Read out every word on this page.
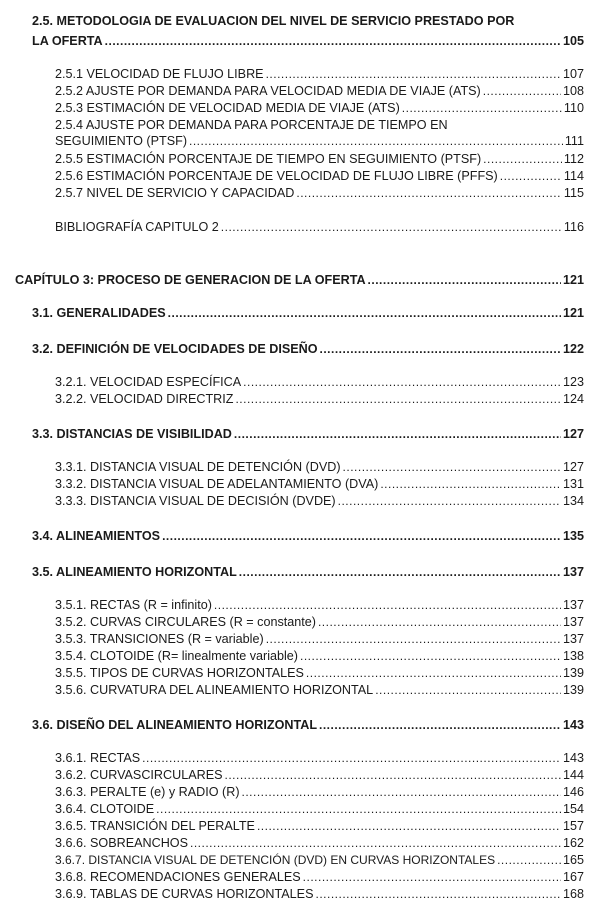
2.5. METODOLOGIA DE EVALUACION DEL NIVEL DE SERVICIO PRESTADO POR
LA OFERTA .....	105
2.5.1 VELOCIDAD DE FLUJO LIBRE .....	107
2.5.2 AJUSTE POR DEMANDA PARA VELOCIDAD MEDIA DE VIAJE (ATS) .....	108
2.5.3 ESTIMACIÓN DE VELOCIDAD MEDIA DE VIAJE (ATS) .....	110
2.5.4 AJUSTE POR DEMANDA PARA PORCENTAJE DE TIEMPO EN
SEGUIMIENTO (PTSF) .....	111
2.5.5 ESTIMACIÓN PORCENTAJE DE TIEMPO EN SEGUIMIENTO (PTSF) .....	112
2.5.6 ESTIMACIÓN PORCENTAJE DE VELOCIDAD DE FLUJO LIBRE (PFFS) .....	114
2.5.7 NIVEL DE SERVICIO Y CAPACIDAD .....	115
BIBLIOGRAFÍA CAPITULO 2 .....	116
CAPÍTULO 3: PROCESO DE GENERACION DE LA OFERTA .....	121
3.1. GENERALIDADES .....	121
3.2. DEFINICIÓN DE VELOCIDADES DE DISEÑO .....	122
3.2.1. VELOCIDAD ESPECÍFICA .....	123
3.2.2. VELOCIDAD DIRECTRIZ .....	124
3.3. DISTANCIAS DE VISIBILIDAD .....	127
3.3.1. DISTANCIA VISUAL DE DETENCIÓN (DVD) .....	127
3.3.2. DISTANCIA VISUAL DE ADELANTAMIENTO (DVA) .....	131
3.3.3. DISTANCIA VISUAL DE DECISIÓN (DVDE) .....	134
3.4. ALINEAMIENTOS .....	135
3.5. ALINEAMIENTO HORIZONTAL .....	137
3.5.1. RECTAS (R = infinito) .....	137
3.5.2. CURVAS CIRCULARES (R = constante) .....	137
3.5.3. TRANSICIONES (R = variable) .....	137
3.5.4. CLOTOIDE (R= linealmente variable) .....	138
3.5.5. TIPOS DE CURVAS HORIZONTALES .....	139
3.5.6. CURVATURA DEL ALINEAMIENTO HORIZONTAL .....	139
3.6. DISEÑO DEL ALINEAMIENTO HORIZONTAL .....	143
3.6.1. RECTAS .....	143
3.6.2. CURVASCIRCULARES .....	144
3.6.3. PERALTE (e) y RADIO (R) .....	146
3.6.4. CLOTOIDE .....	154
3.6.5. TRANSICIÓN DEL PERALTE .....	157
3.6.6. SOBREANCHOS .....	162
3.6.7. DISTANCIA VISUAL DE DETENCIÓN (DVD) EN CURVAS HORIZONTALES .....	165
3.6.8. RECOMENDACIONES GENERALES .....	167
3.6.9. TABLAS DE CURVAS HORIZONTALES .....	168
